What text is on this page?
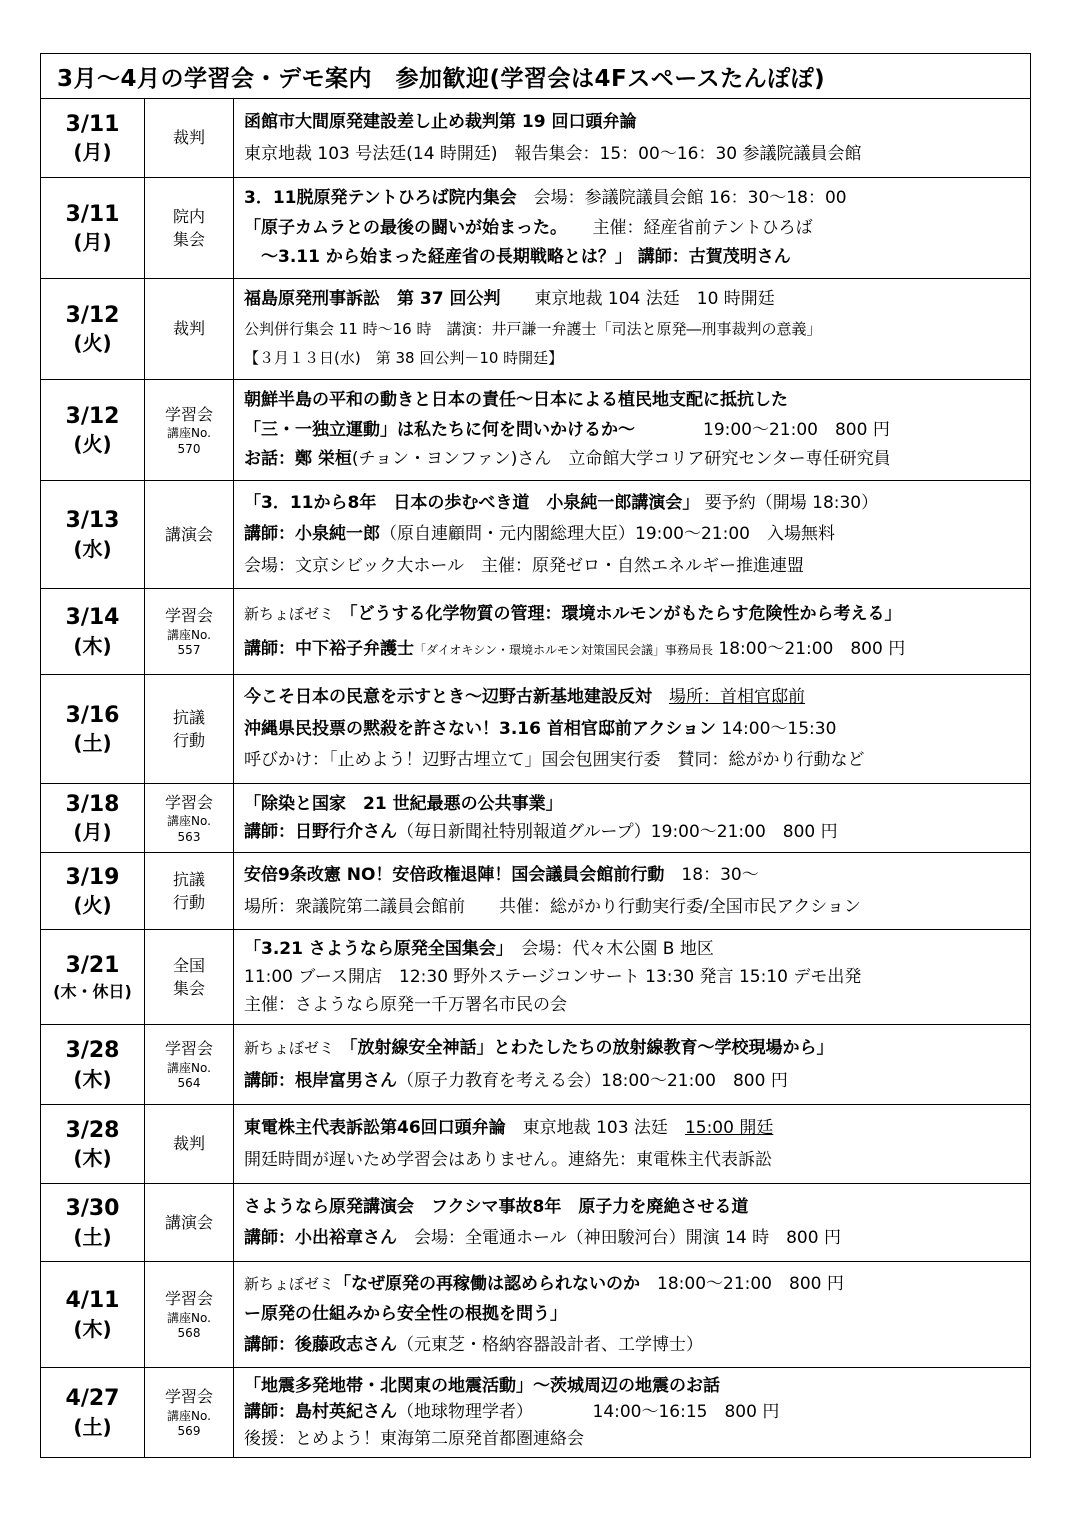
3月～4月の学習会・デモ案内　参加歓迎(学習会は4Fスペースたんぽぽ)
3/11
(月)
裁判
函館市大間原発建設差し止め裁判第 19 回口頭弁論
東京地裁 103 号法廷(14 時開廷)　報告集会：15：00～16：30 参議院議員会館
3/11
(月)
院内
集会
3．11脱原発テントひろば院内集会　会場：参議院議員会館 16：30～18：00
「原子カムラとの最後の闘いが始まった。　　主催：経産省前テントひろば
　～3.11 から始まった経産省の長期戦略とは？」 講師：古賀茂明さん
3/12
(火)
裁判
福島原発刑事訴訟　第 37 回公判　　東京地裁 104 法廷　10 時開廷
公判併行集会 11 時～16 時　講演：井戸謙一弁護士「司法と原発―刑事裁判の意義」
【３月１３日(水)　第 38 回公判－10 時開廷】
3/12
(火)
学習会
講座No.
570
朝鮮半島の平和の動きと日本の責任～日本による植民地支配に抵抗した
「三・一独立運動」は私たちに何を問いかけるか～　　　　19:00～21:00　800 円
お話：鄭 栄桓(チョン・ヨンファン)さん　立命館大学コリア研究センター専任研究員
3/13
(水)
講演会
「3．11から8年　日本の歩むべき道　小泉純一郎講演会」 要予約（開場 18:30）
講師：小泉純一郎（原自連顧問・元内閣総理大臣）19:00～21:00　入場無料
会場：文京シビック大ホール　主催：原発ゼロ・自然エネルギー推進連盟
3/14
(木)
学習会
講座No.
557
新ちょぼゼミ　「どうする化学物質の管理：環境ホルモンがもたらす危険性から考える」
講師：中下裕子弁護士「ダイオキシン・環境ホルモン対策国民会議」事務局長 18:00～21:00　800 円
3/16
(土)
抗議
行動
今こそ日本の民意を示すとき～辺野古新基地建設反対　 場所：首相官邸前
沖縄県民投票の黙殺を許さない！3.16 首相官邸前アクション 14:00～15:30
呼びかけ：「止めよう！辺野古埋立て」国会包囲実行委　賛同：総がかり行動など
3/18
(月)
学習会
講座No.
563
「除染と国家　21 世紀最悪の公共事業」
講師：日野行介さん（毎日新聞社特別報道グループ）19:00～21:00　800 円
3/19
(火)
抗議
行動
安倍9条改憲 NO！安倍政権退陣！国会議員会館前行動　18：30～
場所：衆議院第二議員会館前　　共催：総がかり行動実行委/全国市民アクション
3/21
(木・休日)
全国
集会
「3.21 さようなら原発全国集会」　会場：代々木公園 B 地区
11:00 ブース開店　12:30 野外ステージコンサート 13:30 発言 15:10 デモ出発
主催：さようなら原発一千万署名市民の会
3/28
(木)
学習会
講座No.
564
新ちょぼゼミ　「放射線安全神話」とわたしたちの放射線教育～学校現場から」
講師：根岸富男さん（原子力教育を考える会）18:00～21:00　800 円
3/28
(木)
裁判
東電株主代表訴訟第46回口頭弁論　東京地裁 103 法廷　15:00 開廷
開廷時間が遅いため学習会はありません。連絡先：東電株主代表訴訟
3/30
(土)
講演会
さようなら原発講演会　フクシマ事故8年　原子力を廃絶させる道
講師：小出裕章さん　会場：全電通ホール（神田駿河台）開演 14 時　800 円
4/11
(木)
学習会
講座No.
568
新ちょぼゼミ「なぜ原発の再稼働は認められないのか　18:00～21:00　800 円
ー原発の仕組みから安全性の根拠を問う」
講師：後藤政志さん（元東芝・格納容器設計者、工学博士）
4/27
(土)
学習会
講座No.
569
「地震多発地帯・北関東の地震活動」～茨城周辺の地震のお話
講師：島村英紀さん（地球物理学者）　　　　14:00～16:15　800 円
後援：とめよう！東海第二原発首都圏連絡会
